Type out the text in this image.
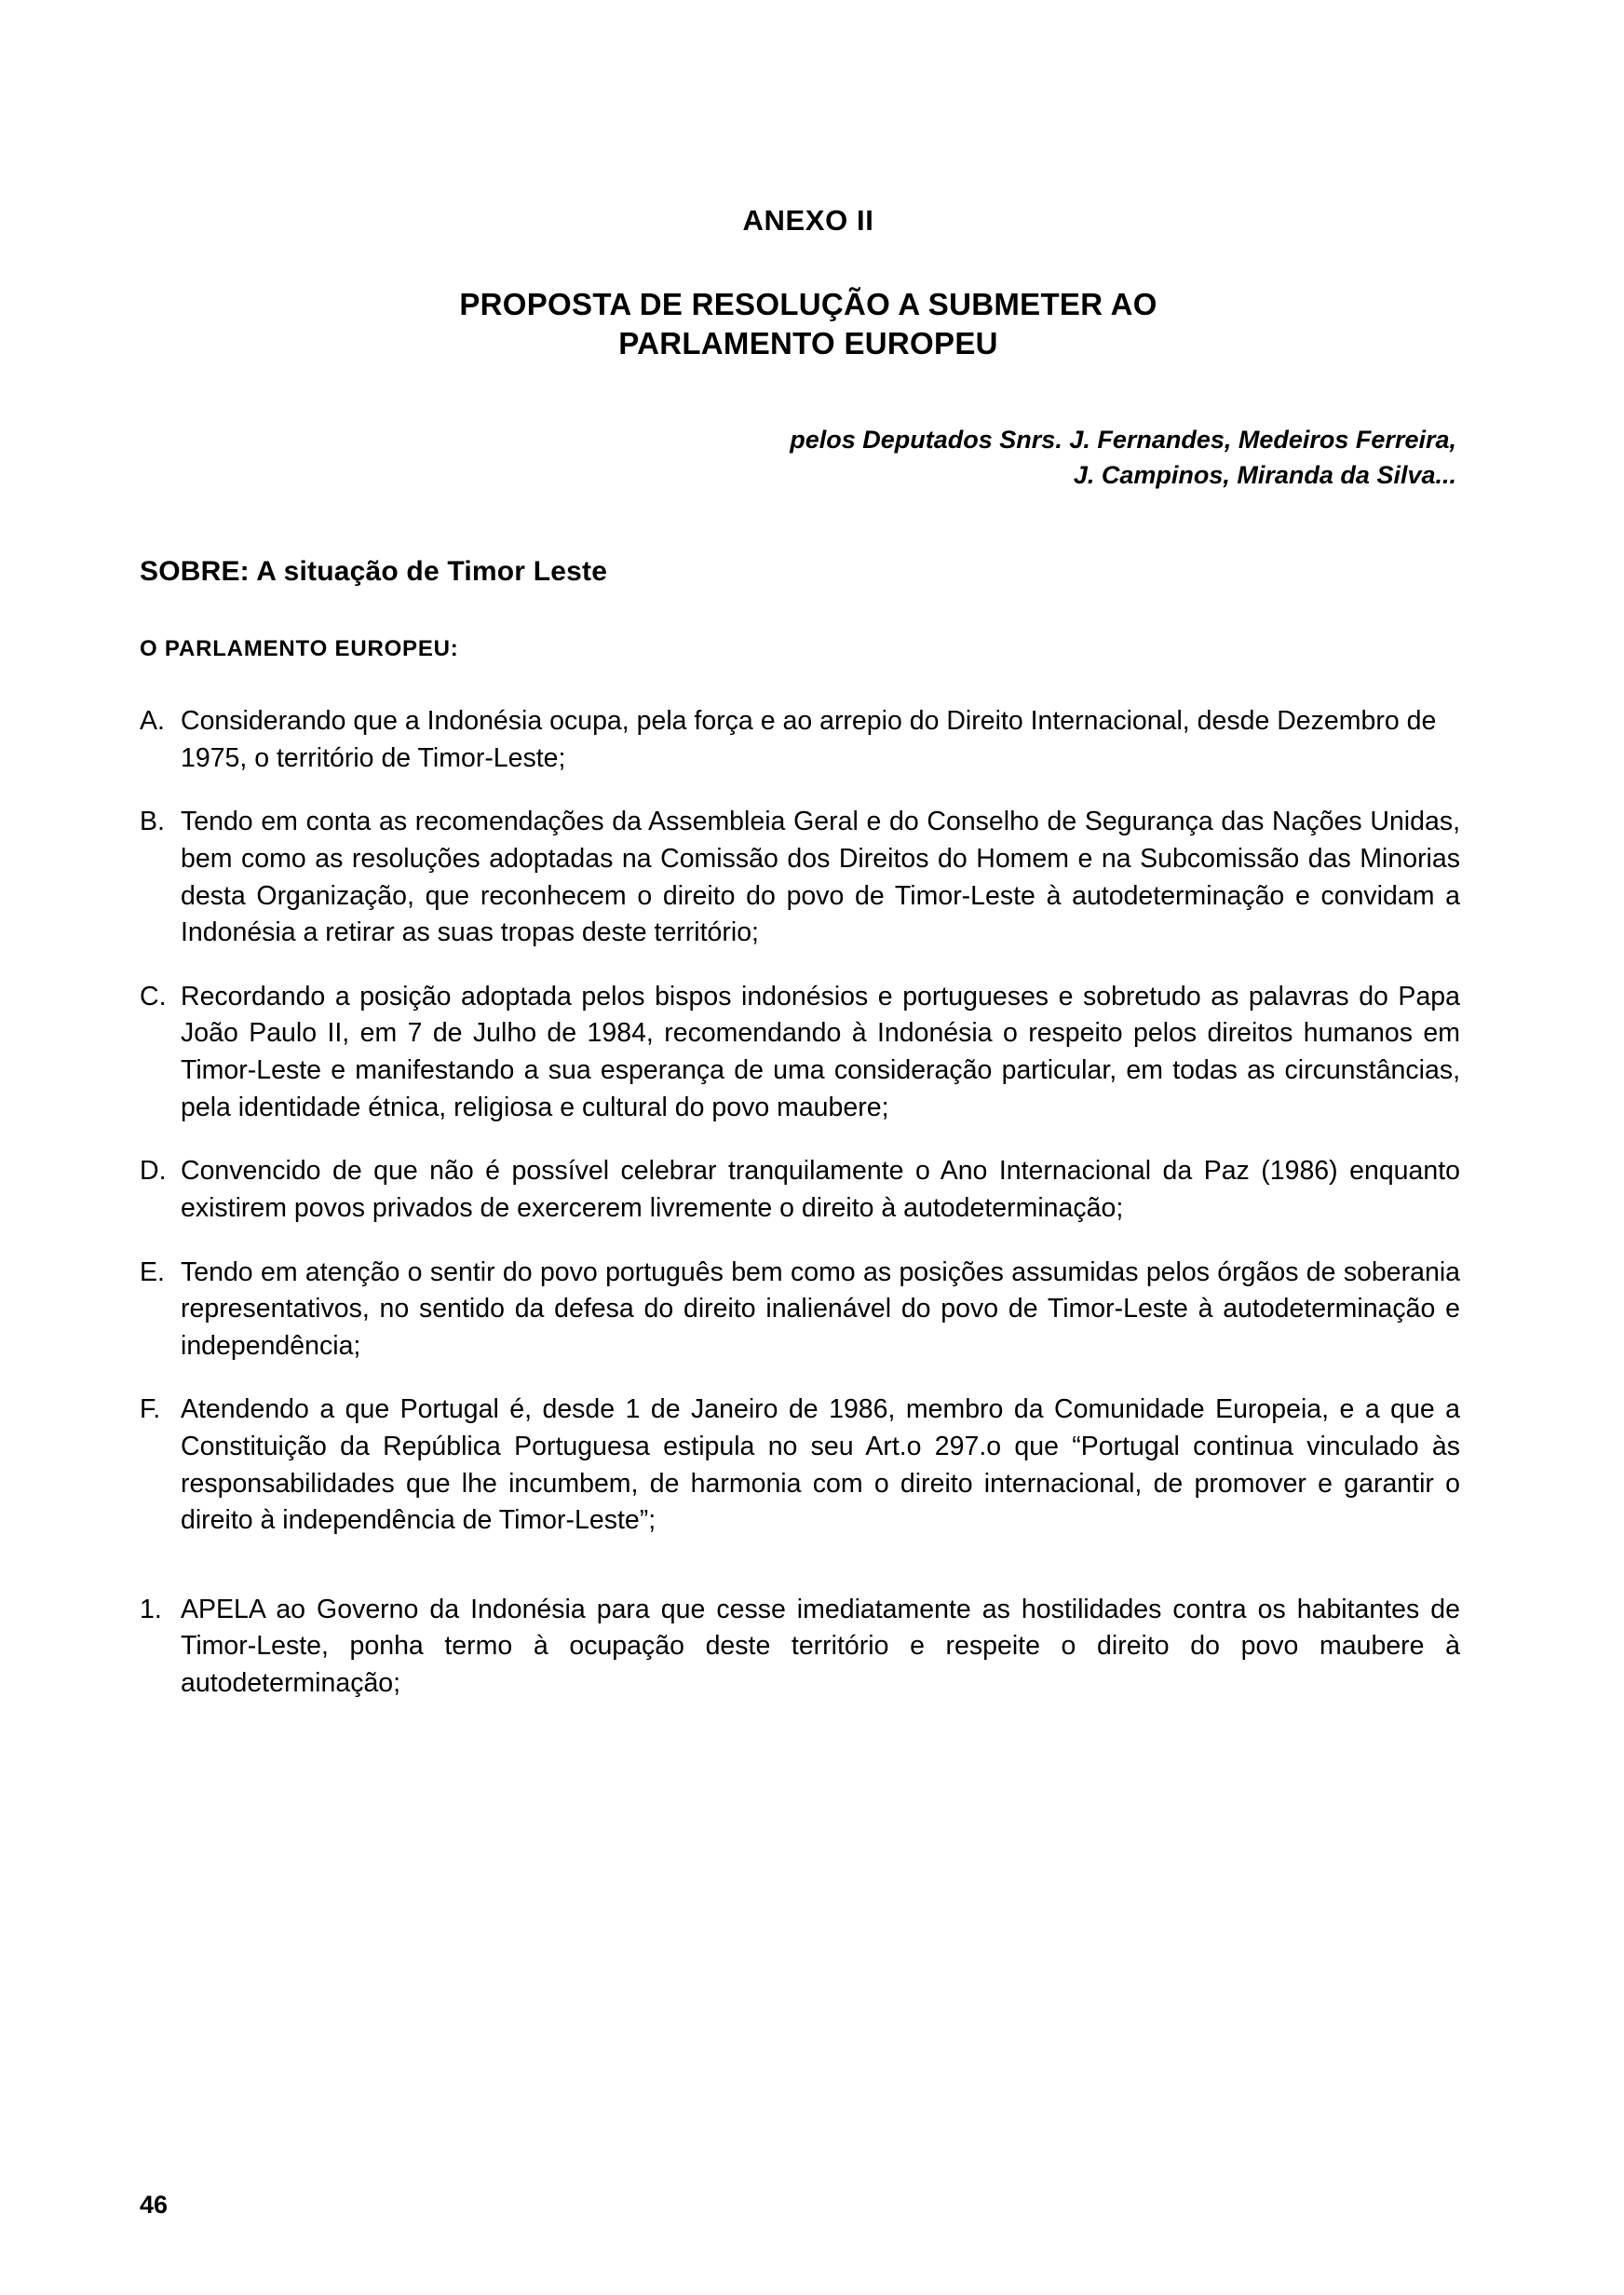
ANEXO II
PROPOSTA DE RESOLUÇÃO A SUBMETER AO
PARLAMENTO EUROPEU
pelos Deputados Snrs. J. Fernandes, Medeiros Ferreira,
J. Campinos, Miranda da Silva...
SOBRE: A situação de Timor Leste
O PARLAMENTO EUROPEU:
A. Considerando que a Indonésia ocupa, pela força e ao arrepio do Direito Internacional, desde Dezembro de 1975, o território de Timor-Leste;
B. Tendo em conta as recomendações da Assembleia Geral e do Conselho de Segurança das Nações Unidas, bem como as resoluções adoptadas na Comissão dos Direitos do Homem e na Subcomissão das Minorias desta Organização, que reconhecem o direito do povo de Timor-Leste à autodeterminação e convidam a Indonésia a retirar as suas tropas deste território;
C. Recordando a posição adoptada pelos bispos indonésios e portugueses e sobretudo as palavras do Papa João Paulo II, em 7 de Julho de 1984, recomendando à Indonésia o respeito pelos direitos humanos em Timor-Leste e manifestando a sua esperança de uma consideração particular, em todas as circunstâncias, pela identidade étnica, religiosa e cultural do povo maubere;
D. Convencido de que não é possível celebrar tranquilamente o Ano Internacional da Paz (1986) enquanto existirem povos privados de exercerem livremente o direito à autodeterminação;
E. Tendo em atenção o sentir do povo português bem como as posições assumidas pelos órgãos de soberania representativos, no sentido da defesa do direito inalienável do povo de Timor-Leste à autodeterminação e independência;
F. Atendendo a que Portugal é, desde 1 de Janeiro de 1986, membro da Comunidade Europeia, e a que a Constituição da República Portuguesa estipula no seu Art.o 297.o que “Portugal continua vinculado às responsabilidades que lhe incumbem, de harmonia com o direito internacional, de promover e garantir o direito à independência de Timor-Leste”;
1. APELA ao Governo da Indonésia para que cesse imediatamente as hostilidades contra os habitantes de Timor-Leste, ponha termo à ocupação deste território e respeite o direito do povo maubere à autodeterminação;
46
